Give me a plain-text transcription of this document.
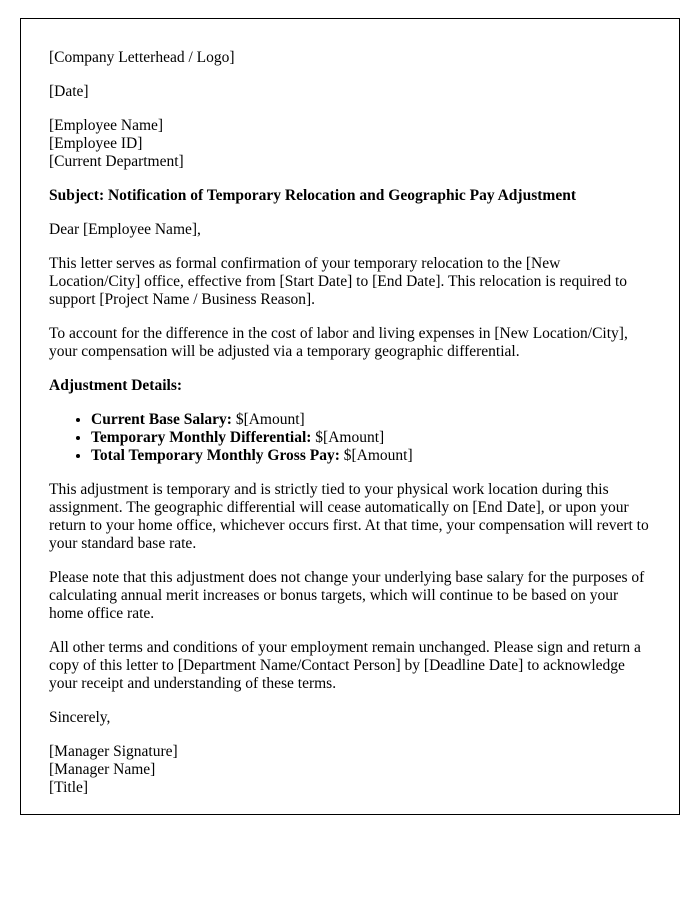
[Company Letterhead / Logo]

[Date]

[Employee Name]
[Employee ID]
[Current Department]

Subject: Notification of Temporary Relocation and Geographic Pay Adjustment

Dear [Employee Name],

This letter serves as formal confirmation of your temporary relocation to the [New Location/City] office, effective from [Start Date] to [End Date]. This relocation is required to support [Project Name / Business Reason].

To account for the difference in the cost of labor and living expenses in [New Location/City], your compensation will be adjusted via a temporary geographic differential.

Adjustment Details:

• Current Base Salary: $[Amount]
• Temporary Monthly Differential: $[Amount]
• Total Temporary Monthly Gross Pay: $[Amount]

This adjustment is temporary and is strictly tied to your physical work location during this assignment. The geographic differential will cease automatically on [End Date], or upon your return to your home office, whichever occurs first. At that time, your compensation will revert to your standard base rate.

Please note that this adjustment does not change your underlying base salary for the purposes of calculating annual merit increases or bonus targets, which will continue to be based on your home office rate.

All other terms and conditions of your employment remain unchanged. Please sign and return a copy of this letter to [Department Name/Contact Person] by [Deadline Date] to acknowledge your receipt and understanding of these terms.

Sincerely,

[Manager Signature]
[Manager Name]
[Title]
